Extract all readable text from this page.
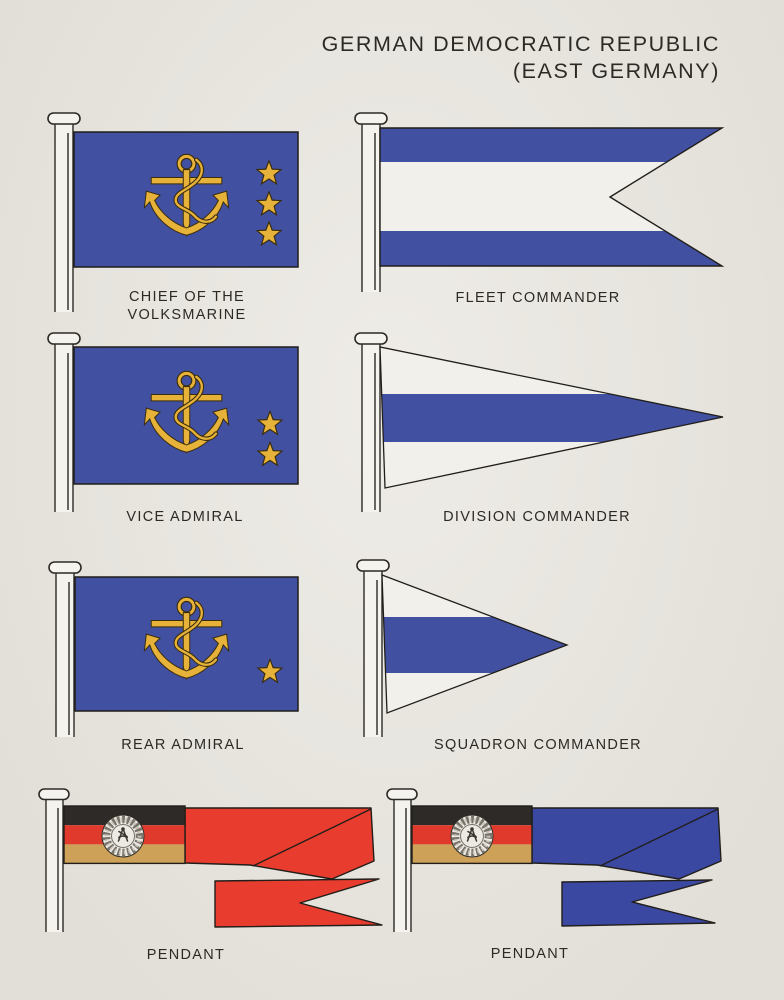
GERMAN DEMOCRATIC REPUBLIC
(EAST GERMANY)
CHIEF OF THE
VOLKSMARINE
FLEET COMMANDER
VICE ADMIRAL	DIVISION COMMANDER
REAR ADMIRAL	SQUADRON COMMANDER
PENDANT	PENDANT
